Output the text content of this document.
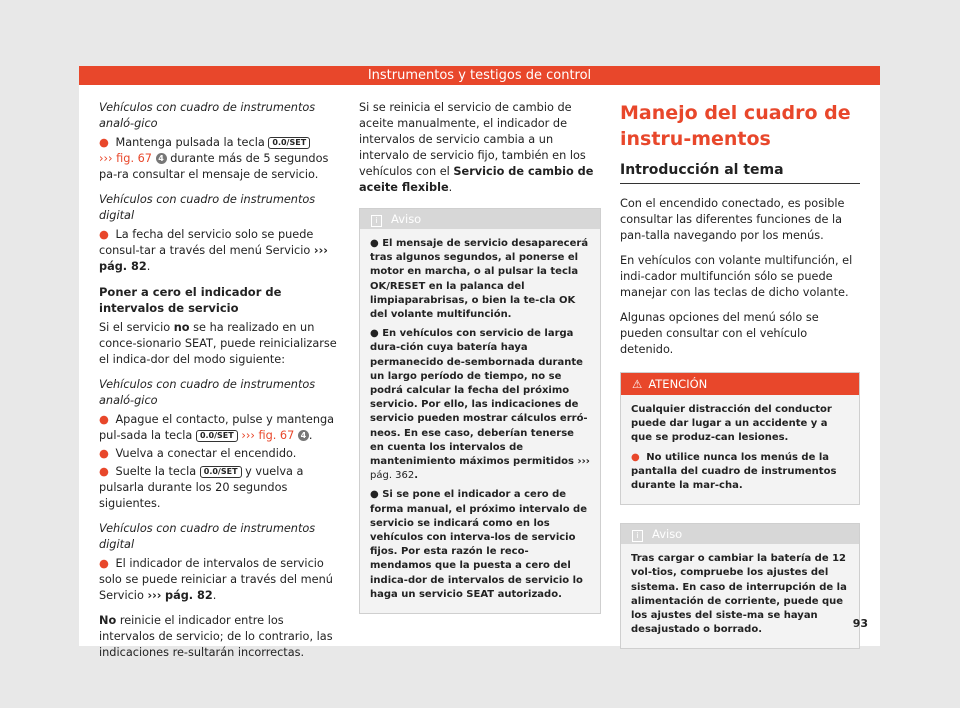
Instrumentos y testigos de control

Vehículos con cuadro de instrumentos analó-gico

● Mantenga pulsada la tecla 0.0/SET
››› fig. 67 4 durante más de 5 segundos pa-ra consultar el mensaje de servicio.

Vehículos con cuadro de instrumentos digital

● La fecha del servicio solo se puede consul-tar a través del menú Servicio ››› pág. 82.

Poner a cero el indicador de intervalos de servicio

Si el servicio no se ha realizado en un conce-sionario SEAT, puede reinicializarse el indica-dor del modo siguiente:

Vehículos con cuadro de instrumentos analó-gico

● Apague el contacto, pulse y mantenga pul-sada la tecla 0.0/SET ››› fig. 67 4 .

● Vuelva a conectar el encendido.

● Suelte la tecla 0.0/SET y vuelva a pulsarla durante los 20 segundos siguientes.

Vehículos con cuadro de instrumentos digital

● El indicador de intervalos de servicio solo se puede reiniciar a través del menú Servicio ››› pág. 82.

No reinicie el indicador entre los intervalos de servicio; de lo contrario, las indicaciones re-sultarán incorrectas.

Si se reinicia el servicio de cambio de aceite manualmente, el indicador de intervalos de servicio cambia a un intervalo de servicio fijo, también en los vehículos con el Servicio de cambio de aceite flexible.

i Aviso

● El mensaje de servicio desaparecerá tras algunos segundos, al ponerse el motor en marcha, o al pulsar la tecla OK/RESET en la palanca del limpiaparabrisas, o bien la te-cla OK del volante multifunción.

● En vehículos con servicio de larga dura-ción cuya batería haya permanecido de-sembornada durante un largo período de tiempo, no se podrá calcular la fecha del próximo servicio. Por ello, las indicaciones de servicio pueden mostrar cálculos erró-neos. En ese caso, deberían tenerse en cuenta los intervalos de mantenimiento máximos permitidos ››› pág. 362.

● Si se pone el indicador a cero de forma manual, el próximo intervalo de servicio se indicará como en los vehículos con interva-los de servicio fijos. Por esta razón le reco-mendamos que la puesta a cero del indica-dor de intervalos de servicio lo haga un servicio SEAT autorizado.

Manejo del cuadro de instru-mentos
Introducción al tema

Con el encendido conectado, es posible consultar las diferentes funciones de la pan-talla navegando por los menús.

En vehículos con volante multifunción, el indi-cador multifunción sólo se puede manejar con las teclas de dicho volante.

Algunas opciones del menú sólo se pueden consultar con el vehículo detenido.

⚠ ATENCIÓN

Cualquier distracción del conductor puede dar lugar a un accidente y a que se produz-can lesiones.

● No utilice nunca los menús de la pantalla del cuadro de instrumentos durante la mar-cha.

i Aviso

Tras cargar o cambiar la batería de 12 vol-tios, compruebe los ajustes del sistema. En caso de interrupción de la alimentación de corriente, puede que los ajustes del siste-ma se hayan desajustado o borrado.	93
